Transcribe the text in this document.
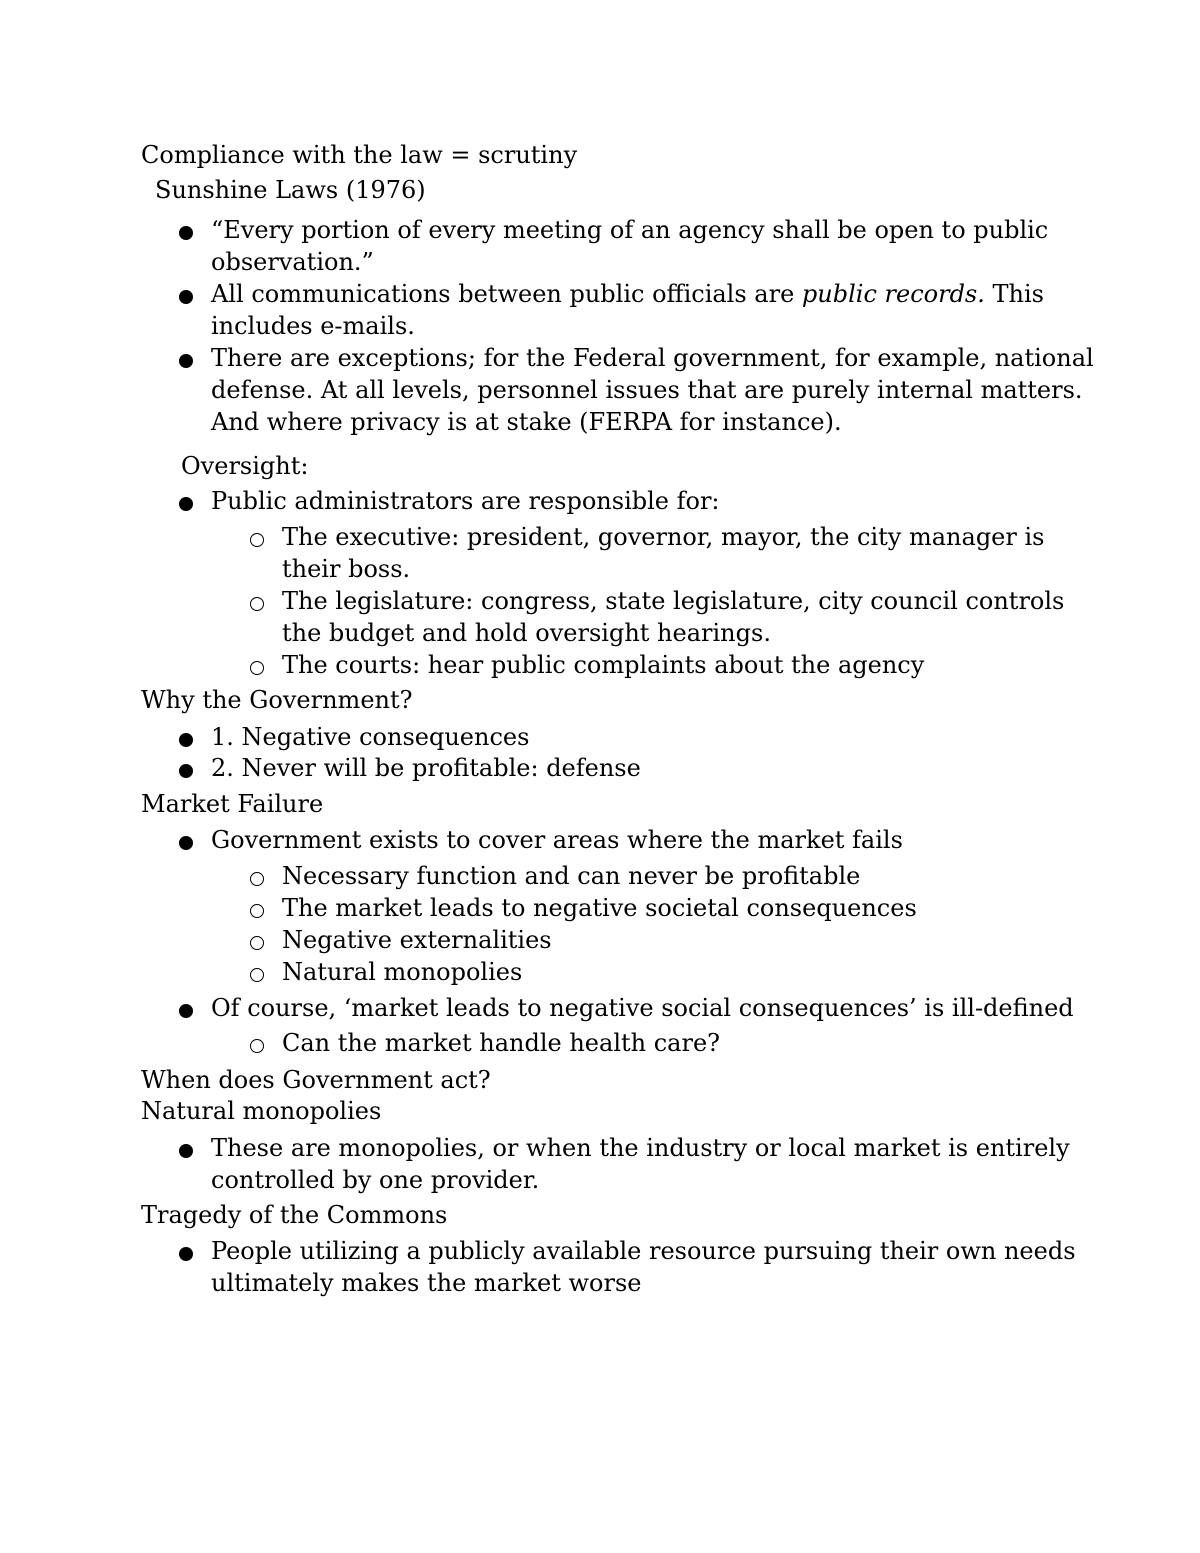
Compliance with the law = scrutiny
Sunshine Laws (1976)
“Every portion of every meeting of an agency shall be open to public
observation.”
All communications between public officials are public records. This
includes e-mails.
There are exceptions; for the Federal government, for example, national
defense. At all levels, personnel issues that are purely internal matters.
And where privacy is at stake (FERPA for instance).
Oversight:
Public administrators are responsible for:
The executive: president, governor, mayor, the city manager is
their boss.
The legislature: congress, state legislature, city council controls
the budget and hold oversight hearings.
The courts: hear public complaints about the agency
Why the Government?
1. Negative consequences
2. Never will be profitable: defense
Market Failure
Government exists to cover areas where the market fails
Necessary function and can never be profitable
The market leads to negative societal consequences
Negative externalities
Natural monopolies
Of course, ‘market leads to negative social consequences’ is ill-defined
Can the market handle health care?
When does Government act?
Natural monopolies
These are monopolies, or when the industry or local market is entirely
controlled by one provider.
Tragedy of the Commons
People utilizing a publicly available resource pursuing their own needs
ultimately makes the market worse
